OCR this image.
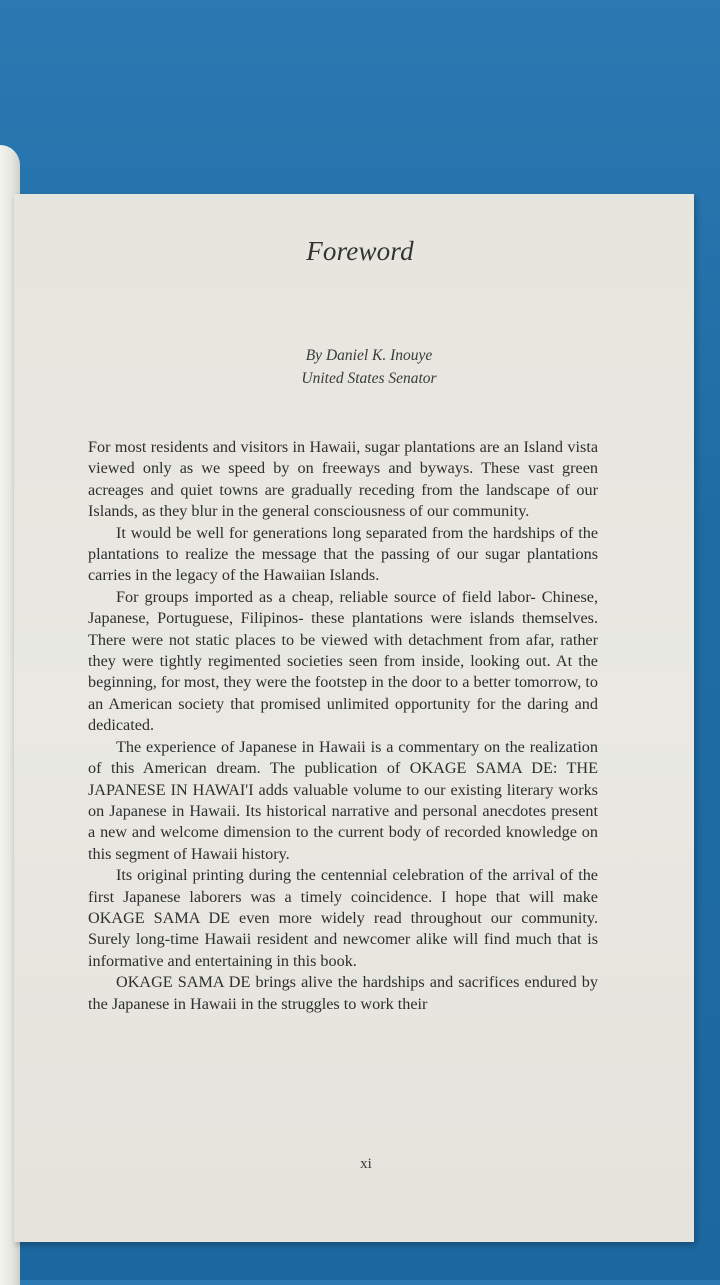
Foreword
By Daniel K. Inouye
United States Senator

For most residents and visitors in Hawaii, sugar plantations are an Island vista viewed only as we speed by on freeways and byways. These vast green acreages and quiet towns are gradually receding from the landscape of our Islands, as they blur in the general consciousness of our community.

It would be well for generations long separated from the hardships of the plantations to realize the message that the passing of our sugar plantations carries in the legacy of the Hawaiian Islands.

For groups imported as a cheap, reliable source of field labor- Chinese, Japanese, Portuguese, Filipinos- these plantations were islands themselves. There were not static places to be viewed with detachment from afar, rather they were tightly regimented societies seen from inside, looking out. At the beginning, for most, they were the footstep in the door to a better tomorrow, to an American society that promised unlimited opportunity for the daring and dedicated.

The experience of Japanese in Hawaii is a commentary on the realization of this American dream. The publication of OKAGE SAMA DE: THE JAPANESE IN HAWAI'I adds valuable volume to our existing literary works on Japanese in Hawaii. Its historical narrative and personal anecdotes present a new and welcome dimension to the current body of recorded knowledge on this segment of Hawaii history.

Its original printing during the centennial celebration of the arrival of the first Japanese laborers was a timely coincidence. I hope that will make OKAGE SAMA DE even more widely read throughout our community. Surely long-time Hawaii resident and newcomer alike will find much that is informative and entertaining in this book.

OKAGE SAMA DE brings alive the hardships and sacrifices endured by the Japanese in Hawaii in the struggles to work their

xi
